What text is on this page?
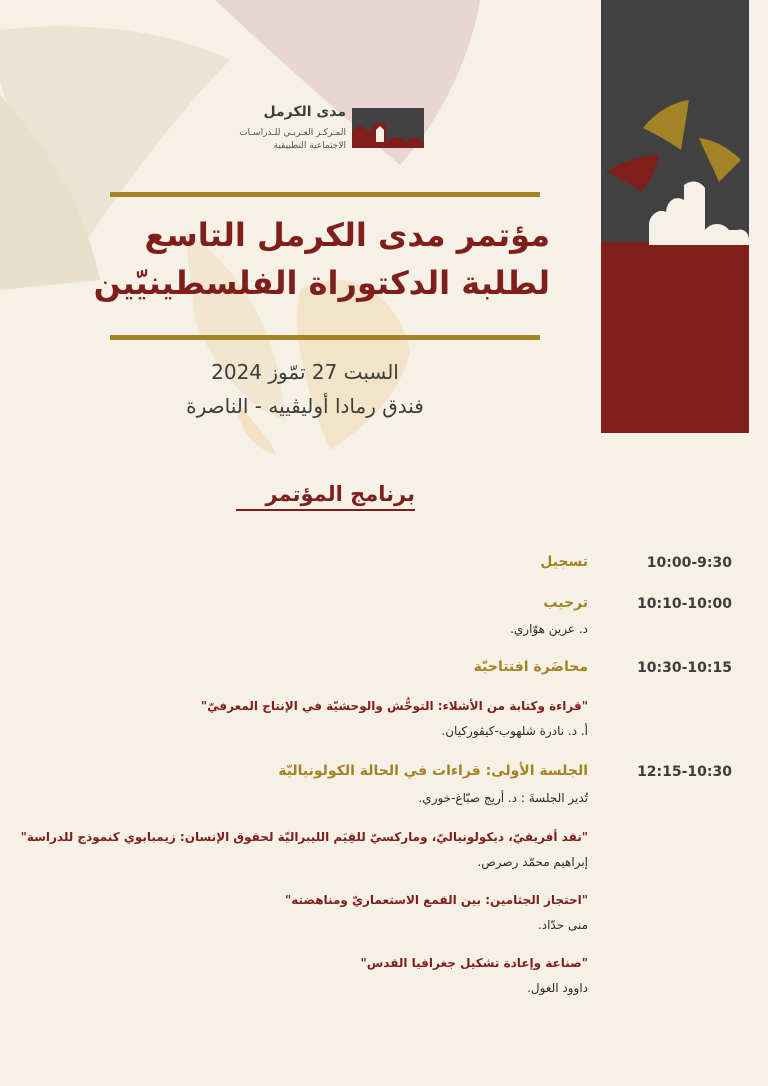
مدى الكرمل
المـركـز العـربـي للـدراسـات
الاجتماعية التطبيقية
مؤتمر مدى الكرمل التاسع
لطلبة الدكتوراة الفلسطينيّين
السبت 27 تمّوز 2024
فندق رمادا أوليڤييه - الناصرة
برنامج المؤتمر
10:00-9:30
تسجيل
10:10-10:00
ترحيب
د. عرين هوّاري.
10:30-10:15
محاضَرة افتتاحيّة
"قراءة وكتابة من الأشلاء: التوحُّش والوحشيّة في الإنتاج المعرفيّ"
أ. د. نادرة شلهوب-كيڤوركيان.
12:15-10:30
الجلسة الأولى: قراءات في الحالة الكولونياليّة
تُدير الجلسةَ : د. أريج صبّاغ-خوري.
"نقد أفريقيّ، ديكولونياليّ، وماركسيّ للقِيَم الليبراليّة لحقوق الإنسان: زيمبابوي كنموذج للدراسة"
إبراهيم محمّد رصرص.
"احتجاز الجثامين: بين القمع الاستعماريّ ومناهضته"
منى حدّاد.
"صناعة وإعادة تشكيل جغرافيا القدس"
داوود الغول.
